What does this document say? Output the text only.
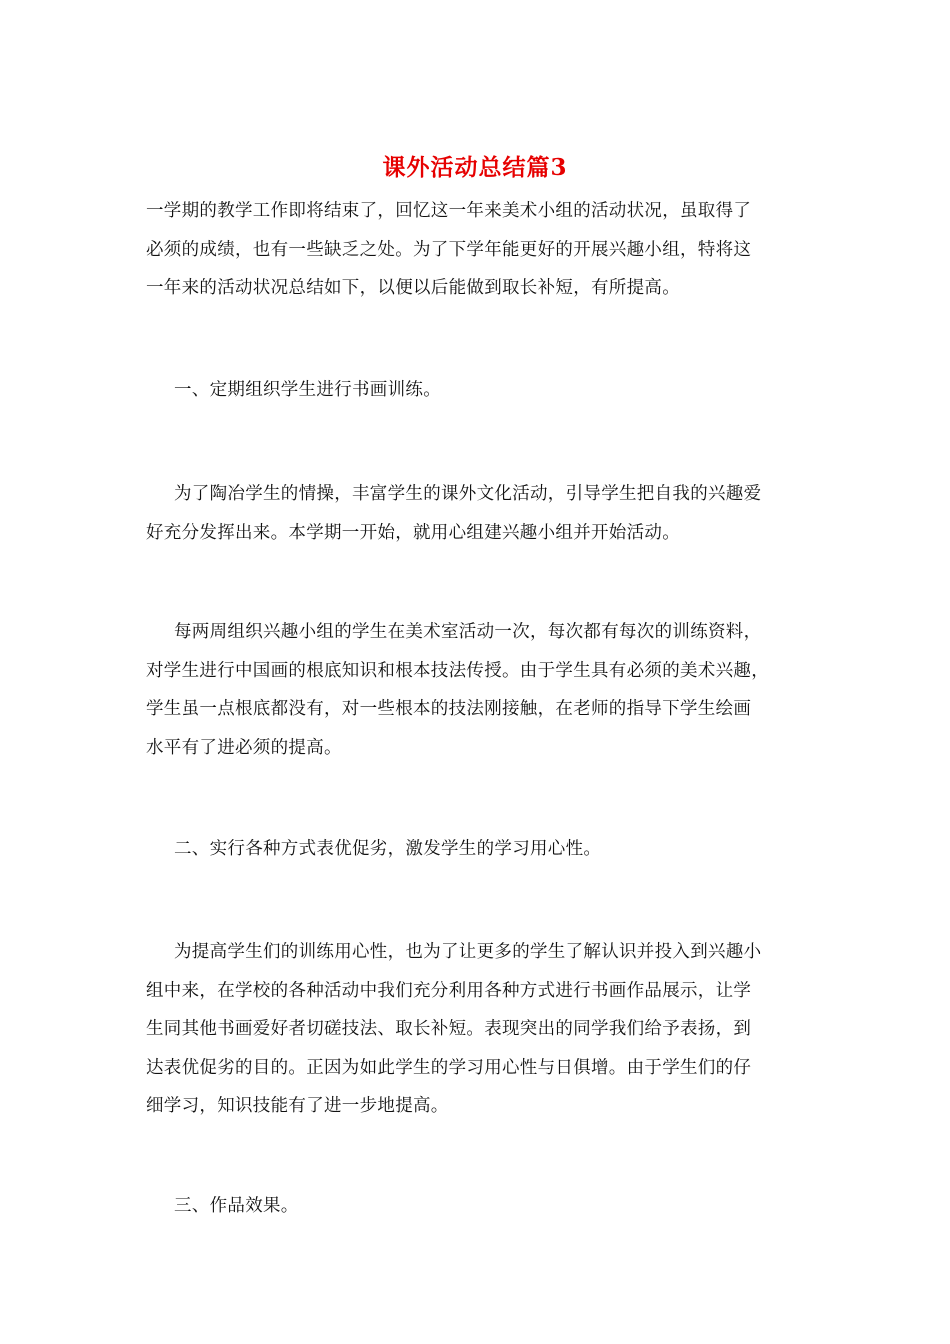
课外活动总结篇3
一学期的教学工作即将结束了，回忆这一年来美术小组的活动状况，虽取得了
必须的成绩，也有一些缺乏之处。为了下学年能更好的开展兴趣小组，特将这
一年来的活动状况总结如下，以便以后能做到取长补短，有所提高。
一、定期组织学生进行书画训练。
为了陶冶学生的情操，丰富学生的课外文化活动，引导学生把自我的兴趣爱
好充分发挥出来。本学期一开始，就用心组建兴趣小组并开始活动。
每两周组织兴趣小组的学生在美术室活动一次，每次都有每次的训练资料，
对学生进行中国画的根底知识和根本技法传授。由于学生具有必须的美术兴趣，
学生虽一点根底都没有，对一些根本的技法刚接触，在老师的指导下学生绘画
水平有了进必须的提高。
二、实行各种方式表优促劣，激发学生的学习用心性。
为提高学生们的训练用心性，也为了让更多的学生了解认识并投入到兴趣小
组中来，在学校的各种活动中我们充分利用各种方式进行书画作品展示，让学
生同其他书画爱好者切磋技法、取长补短。表现突出的同学我们给予表扬，到
达表优促劣的目的。正因为如此学生的学习用心性与日俱增。由于学生们的仔
细学习，知识技能有了进一步地提高。
三、作品效果。
